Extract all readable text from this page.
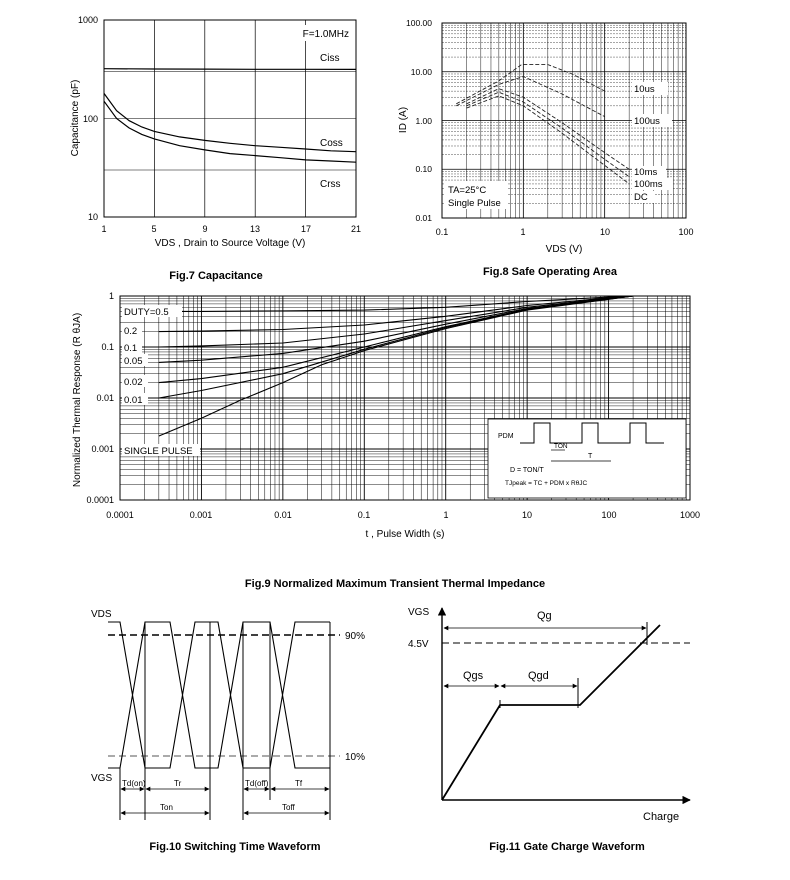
F=1.0MHz
Ciss
Coss
Crss
1000
100
10
1	5	9	13	17	21
VDS , Drain to Source Voltage (V)
Capacitance (pF)
Fig.7 Capacitance
10us
100us
10ms
100ms
DC
TA=25°C
Single Pulse
100.00
10.00
1.00
0.10
0.01
0.1	1	10	100
VDS (V)
ID (A)
Fig.8 Safe Operating Area
DUTY=0.5
0.2
0.1
0.05
0.02
0.01
SINGLE PULSE
PDM
TON
T
D = TON/T
TJpeak = TC + PDM x RθJC
1
0.1
0.01
0.001
0.0001
0.0001	0.001	0.01	0.1	1	10	100	1000
t , Pulse Width (s)
Normalized Thermal Response (R θJA)
Fig.9 Normalized Maximum Transient Thermal Impedance
VDS
VGS
90%
10%
Td(on)	Tr
Ton
Td(off)	Tf
Toff
Fig.10 Switching Time Waveform
VGS	Qg
4.5V
Qgs	Qgd
Charge
Fig.11 Gate Charge Waveform
